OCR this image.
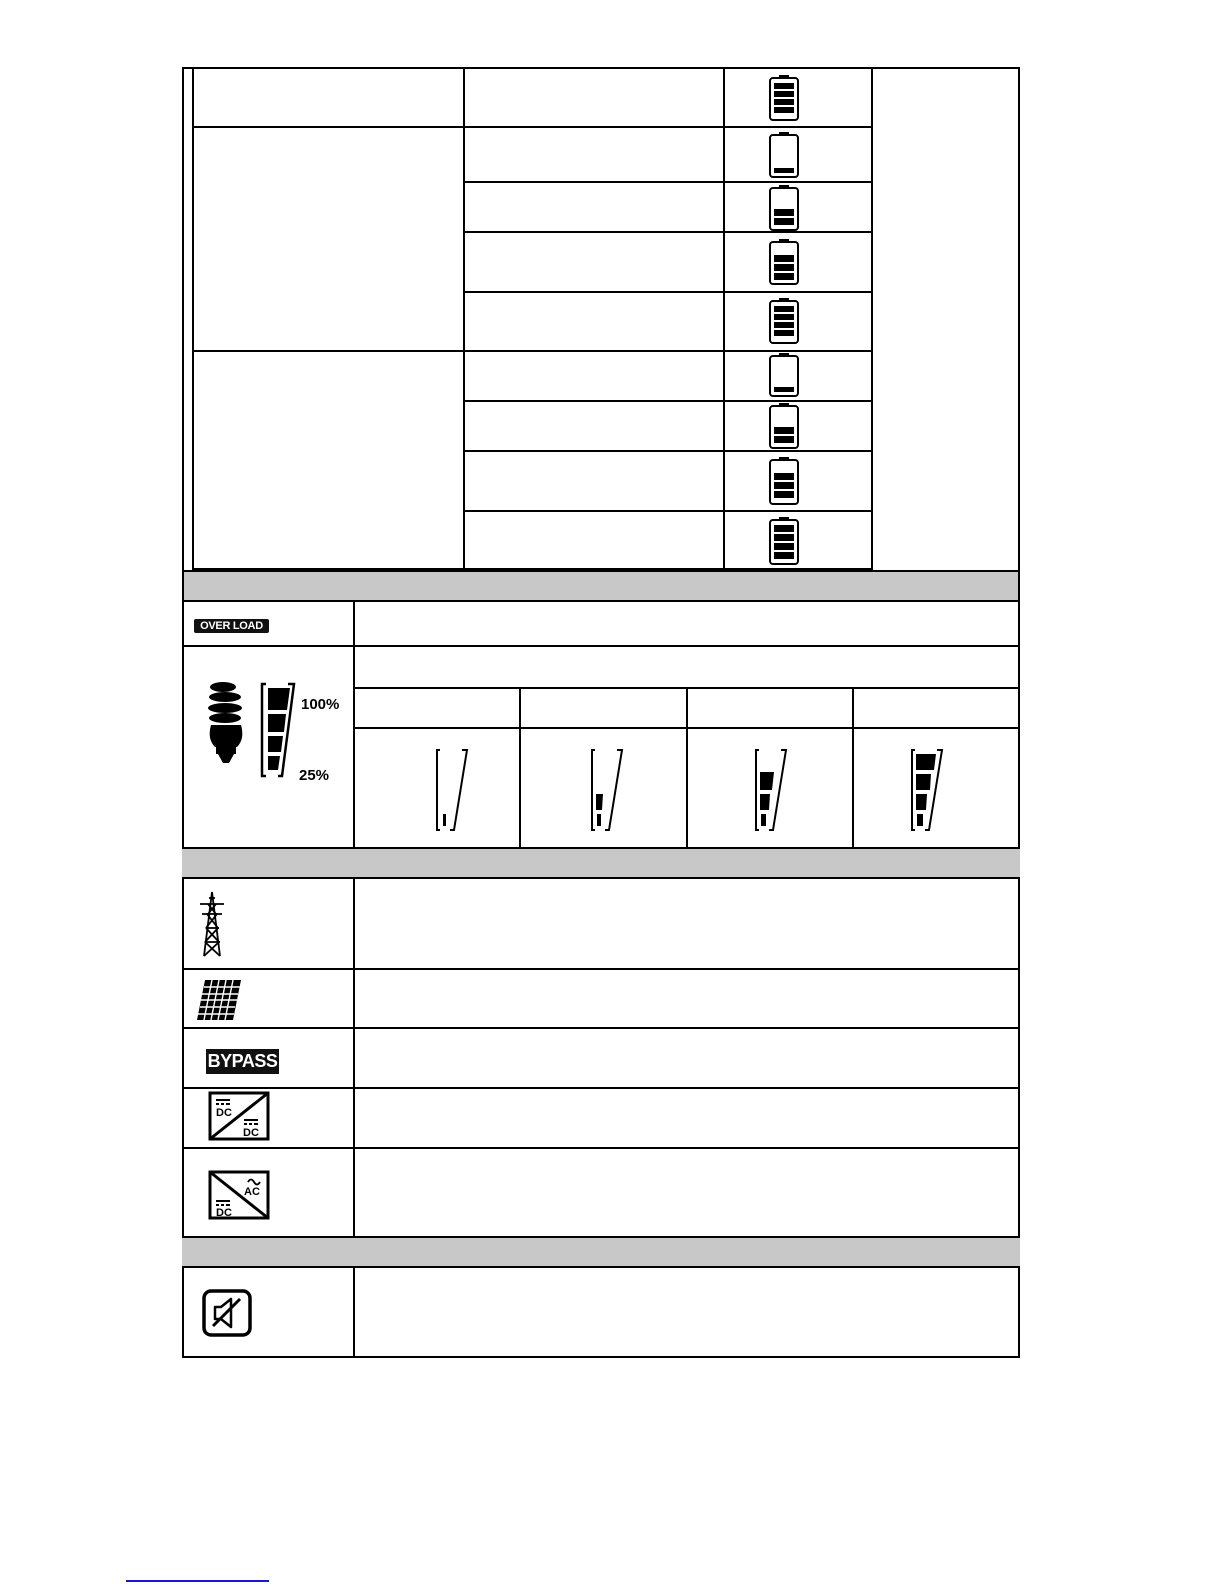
OVER LOAD
100%
25%
BYPASS
DC
DC
AC
DC
